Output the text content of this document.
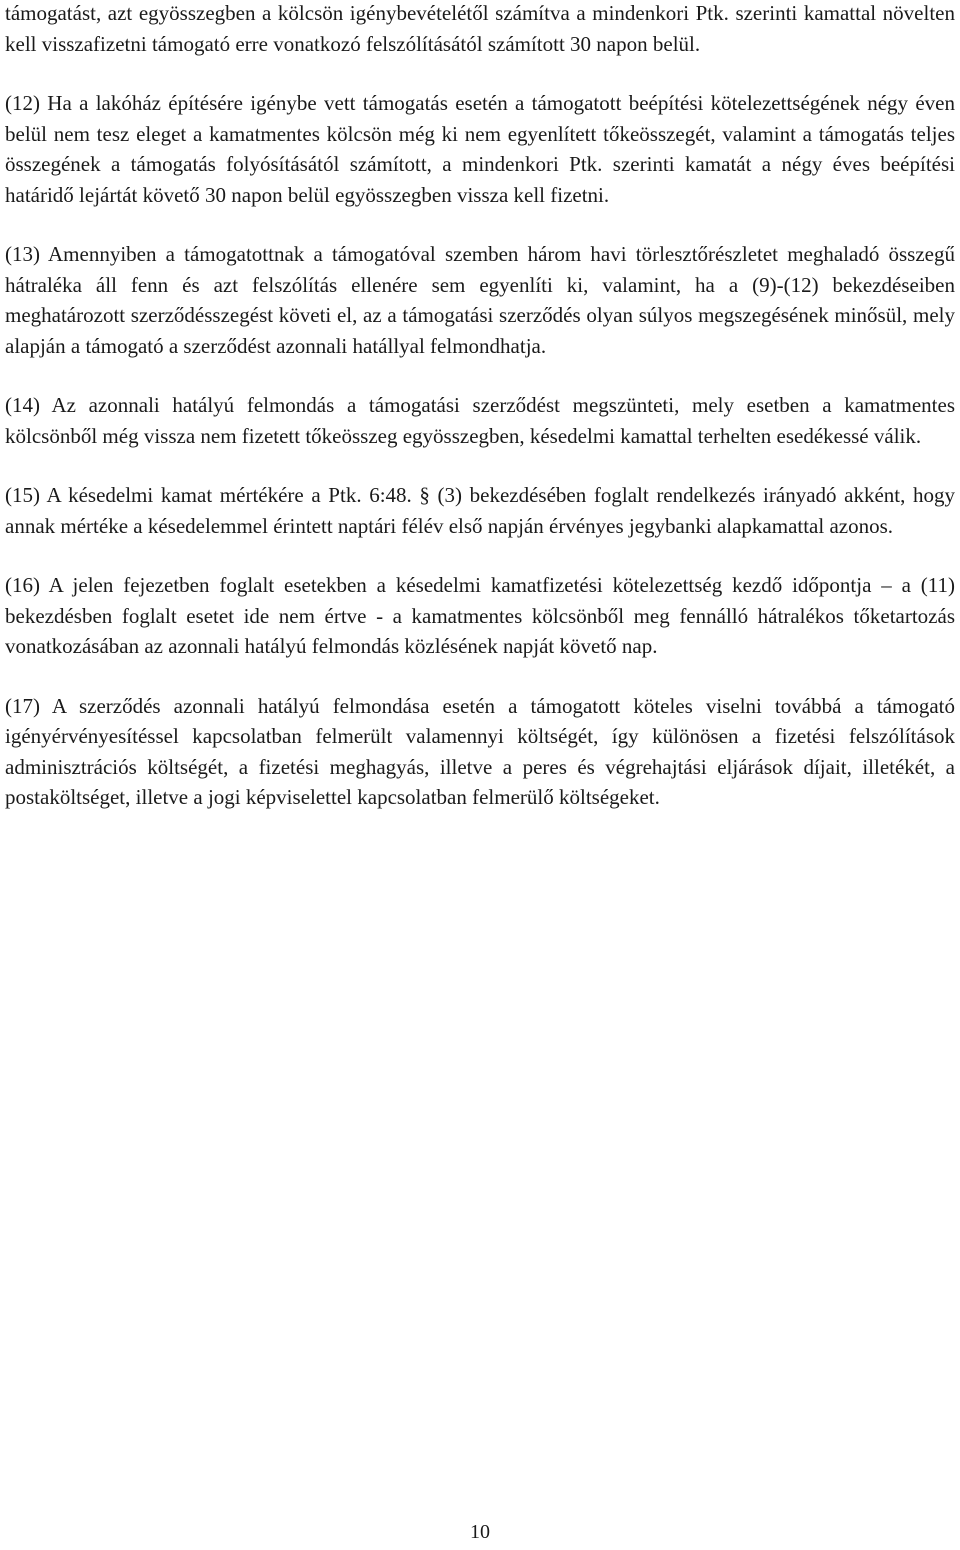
támogatást, azt egyösszegben a kölcsön igénybevételétől számítva a mindenkori Ptk. szerinti kamattal növelten kell visszafizetni támogató erre vonatkozó felszólításától számított 30 napon belül.

(12) Ha a lakóház építésére igénybe vett támogatás esetén a támogatott beépítési kötelezettségének négy éven belül nem tesz eleget a kamatmentes kölcsön még ki nem egyenlített tőkeösszegét, valamint a támogatás teljes összegének a támogatás folyósításától számított, a mindenkori Ptk. szerinti kamatát a négy éves beépítési határidő lejártát követő 30 napon belül egyösszegben vissza kell fizetni.

(13) Amennyiben a támogatottnak a támogatóval szemben három havi törlesztőrészletet meghaladó összegű hátraléka áll fenn és azt felszólítás ellenére sem egyenlíti ki, valamint, ha a (9)-(12) bekezdéseiben meghatározott szerződésszegést követi el, az a támogatási szerződés olyan súlyos megszegésének minősül, mely alapján a támogató a szerződést azonnali hatállyal felmondhatja.

(14) Az azonnali hatályú felmondás a támogatási szerződést megszünteti, mely esetben a kamatmentes kölcsönből még vissza nem fizetett tőkeösszeg egyösszegben, késedelmi kamattal terhelten esedékessé válik.

(15) A késedelmi kamat mértékére a Ptk. 6:48. § (3) bekezdésében foglalt rendelkezés irányadó akként, hogy annak mértéke a késedelemmel érintett naptári félév első napján érvényes jegybanki alapkamattal azonos.

(16) A jelen fejezetben foglalt esetekben a késedelmi kamatfizetési kötelezettség kezdő időpontja – a (11) bekezdésben foglalt esetet ide nem értve - a kamatmentes kölcsönből meg fennálló hátralékos tőketartozás vonatkozásában az azonnali hatályú felmondás közlésének napját követő nap.

(17) A szerződés azonnali hatályú felmondása esetén a támogatott köteles viselni továbbá a támogató igényérvényesítéssel kapcsolatban felmerült valamennyi költségét, így különösen a fizetési felszólítások adminisztrációs költségét, a fizetési meghagyás, illetve a peres és végrehajtási eljárások díjait, illetékét, a postaköltséget, illetve a jogi képviselettel kapcsolatban felmerülő költségeket.

10
